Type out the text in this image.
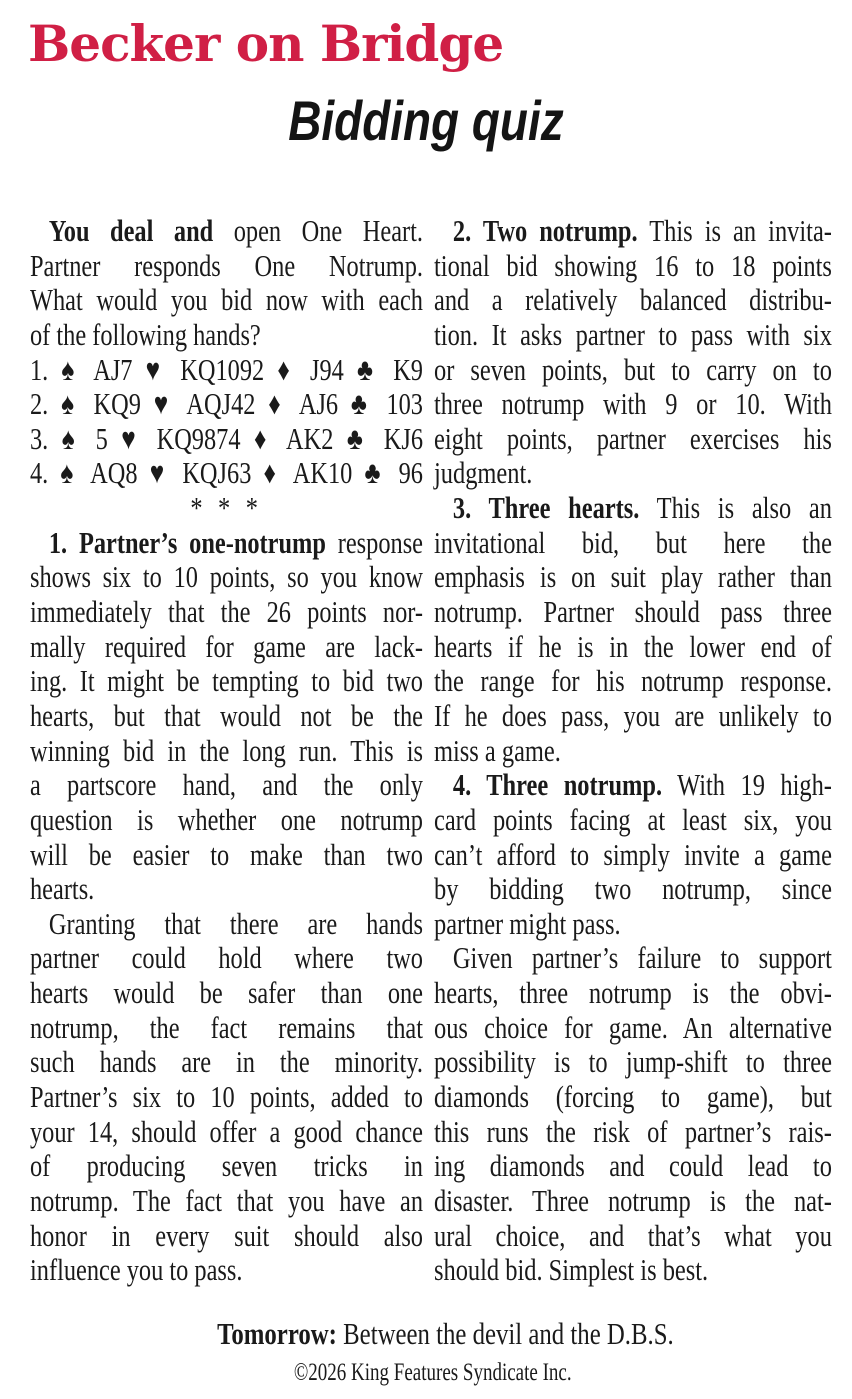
Becker on Bridge
Bidding quiz
You deal and open One Heart.
Partner responds One Notrump.
What would you bid now with each
of the following hands?
1. ♠ AJ7 ♥ KQ1092 ♦ J94 ♣ K9
2. ♠ KQ9 ♥ AQJ42 ♦ AJ6 ♣ 103
3. ♠ 5 ♥ KQ9874 ♦ AK2 ♣ KJ6
4. ♠ AQ8 ♥ KQJ63 ♦ AK10 ♣ 96
* * *
1. Partner’s one-notrump response
shows six to 10 points, so you know
immediately that the 26 points nor-
mally required for game are lack-
ing. It might be tempting to bid two
hearts, but that would not be the
winning bid in the long run. This is
a partscore hand, and the only
question is whether one notrump
will be easier to make than two
hearts.
Granting that there are hands
partner could hold where two
hearts would be safer than one
notrump, the fact remains that
such hands are in the minority.
Partner’s six to 10 points, added to
your 14, should offer a good chance
of producing seven tricks in
notrump. The fact that you have an
honor in every suit should also
influence you to pass.
2. Two notrump. This is an invita-
tional bid showing 16 to 18 points
and a relatively balanced distribu-
tion. It asks partner to pass with six
or seven points, but to carry on to
three notrump with 9 or 10. With
eight points, partner exercises his
judgment.
3. Three hearts. This is also an
invitational bid, but here the
emphasis is on suit play rather than
notrump. Partner should pass three
hearts if he is in the lower end of
the range for his notrump response.
If he does pass, you are unlikely to
miss a game.
4. Three notrump. With 19 high-
card points facing at least six, you
can’t afford to simply invite a game
by bidding two notrump, since
partner might pass.
Given partner’s failure to support
hearts, three notrump is the obvi-
ous choice for game. An alternative
possibility is to jump-shift to three
diamonds (forcing to game), but
this runs the risk of partner’s rais-
ing diamonds and could lead to
disaster. Three notrump is the nat-
ural choice, and that’s what you
should bid. Simplest is best.
Tomorrow: Between the devil and the D.B.S.
©2026 King Features Syndicate Inc.
